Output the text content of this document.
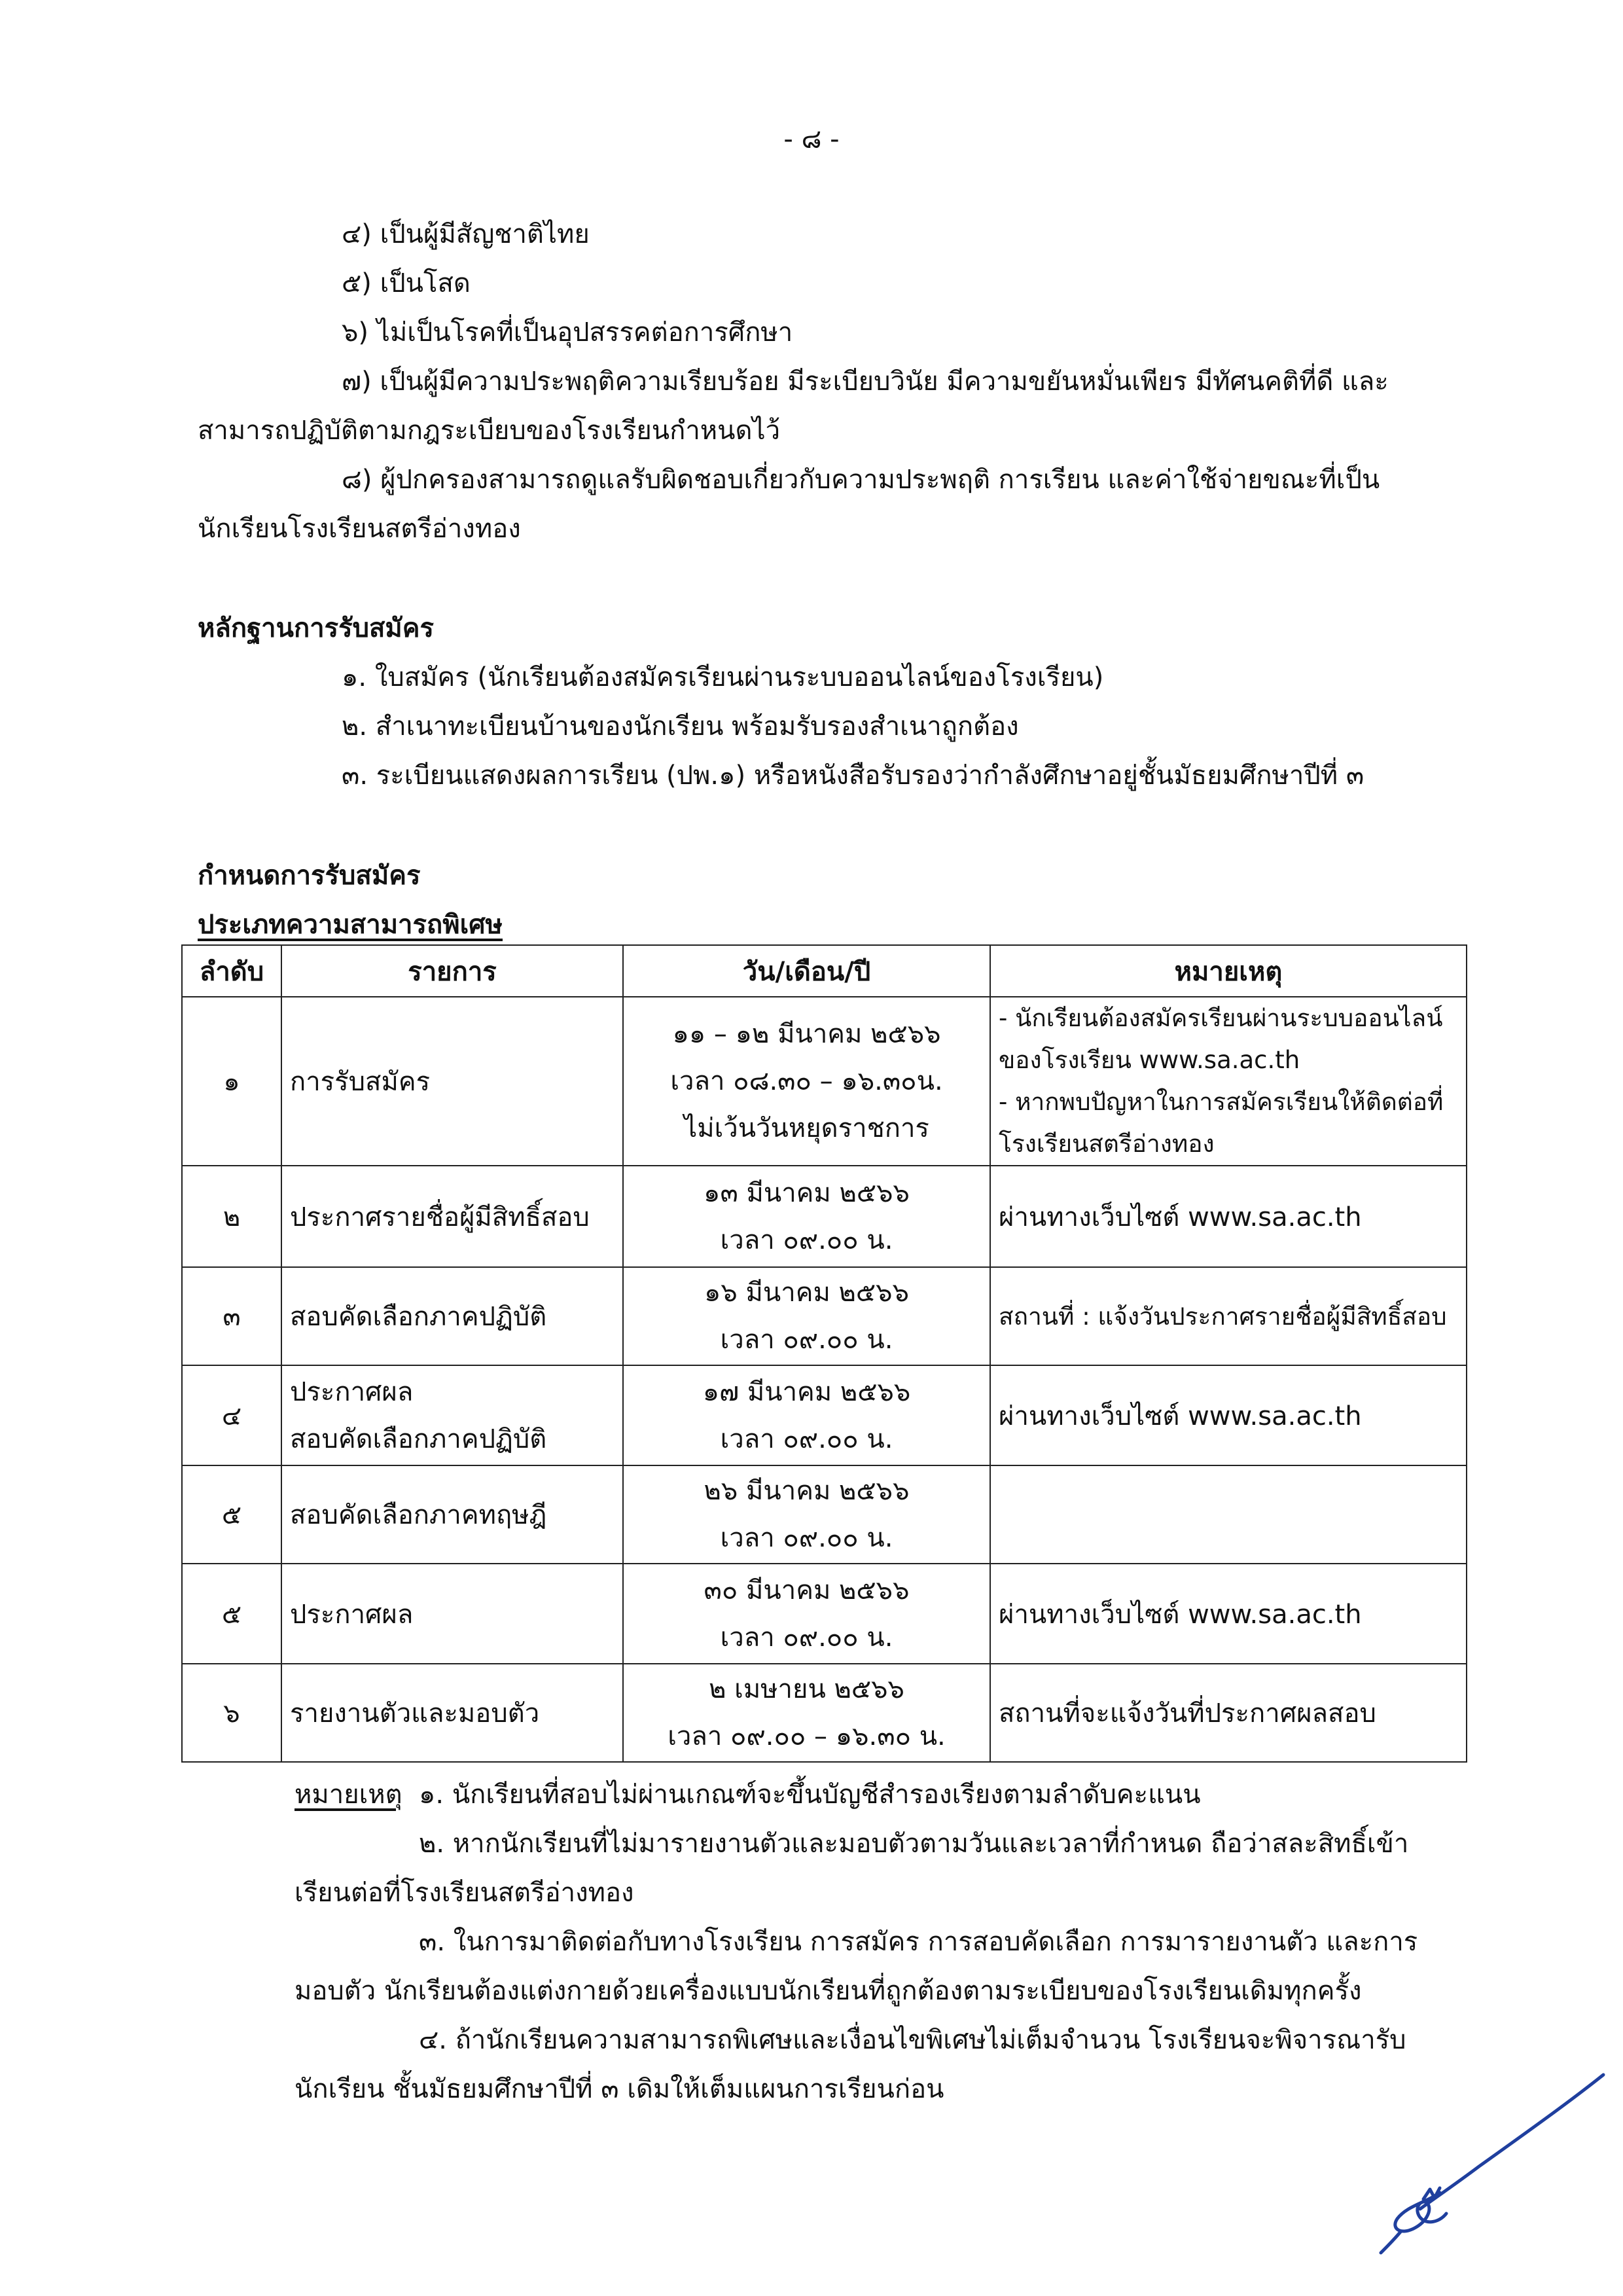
- ๘ -
๔) เป็นผู้มีสัญชาติไทย
๕) เป็นโสด
๖) ไม่เป็นโรคที่เป็นอุปสรรคต่อการศึกษา
๗) เป็นผู้มีความประพฤติความเรียบร้อย มีระเบียบวินัย มีความขยันหมั่นเพียร มีทัศนคติที่ดี และ
สามารถปฏิบัติตามกฎระเบียบของโรงเรียนกำหนดไว้
๘) ผู้ปกครองสามารถดูแลรับผิดชอบเกี่ยวกับความประพฤติ การเรียน และค่าใช้จ่ายขณะที่เป็น
นักเรียนโรงเรียนสตรีอ่างทอง
หลักฐานการรับสมัคร
๑. ใบสมัคร (นักเรียนต้องสมัครเรียนผ่านระบบออนไลน์ของโรงเรียน)
๒. สำเนาทะเบียนบ้านของนักเรียน พร้อมรับรองสำเนาถูกต้อง
๓. ระเบียนแสดงผลการเรียน (ปพ.๑) หรือหนังสือรับรองว่ากำลังศึกษาอยู่ชั้นมัธยมศึกษาปีที่ ๓
กำหนดการรับสมัคร
ประเภทความสามารถพิเศษ
ลำดับ	รายการ	วัน/เดือน/ปี	หมายเหตุ
๑	การรับสมัคร	๑๑ – ๑๒ มีนาคม ๒๕๖๖
เวลา ๐๘.๓๐ – ๑๖.๓๐น.
ไม่เว้นวันหยุดราชการ	- นักเรียนต้องสมัครเรียนผ่านระบบออนไลน์
ของโรงเรียน www.sa.ac.th
- หากพบปัญหาในการสมัครเรียนให้ติดต่อที่
โรงเรียนสตรีอ่างทอง

๒	ประกาศรายชื่อผู้มีสิทธิ์สอบ	๑๓ มีนาคม ๒๕๖๖
เวลา ๐๙.๐๐ น.	ผ่านทางเว็บไซต์ www.sa.ac.th

๓	สอบคัดเลือกภาคปฏิบัติ	๑๖ มีนาคม ๒๕๖๖
เวลา ๐๙.๐๐ น.	สถานที่ : แจ้งวันประกาศรายชื่อผู้มีสิทธิ์สอบ

๔	ประกาศผล
สอบคัดเลือกภาคปฏิบัติ	๑๗ มีนาคม ๒๕๖๖
เวลา ๐๙.๐๐ น.	ผ่านทางเว็บไซต์ www.sa.ac.th

๕	สอบคัดเลือกภาคทฤษฎี	๒๖ มีนาคม ๒๕๖๖
เวลา ๐๙.๐๐ น.	

๕	ประกาศผล	๓๐ มีนาคม ๒๕๖๖
เวลา ๐๙.๐๐ น.	ผ่านทางเว็บไซต์ www.sa.ac.th

๖	รายงานตัวและมอบตัว	๒ เมษายน ๒๕๖๖
เวลา ๐๙.๐๐ – ๑๖.๓๐ น.	สถานที่จะแจ้งวันที่ประกาศผลสอบ
หมายเหตุ ๑. นักเรียนที่สอบไม่ผ่านเกณฑ์จะขึ้นบัญชีสำรองเรียงตามลำดับคะแนน
๒. หากนักเรียนที่ไม่มารายงานตัวและมอบตัวตามวันและเวลาที่กำหนด ถือว่าสละสิทธิ์เข้า
เรียนต่อที่โรงเรียนสตรีอ่างทอง
๓. ในการมาติดต่อกับทางโรงเรียน การสมัคร การสอบคัดเลือก การมารายงานตัว และการ
มอบตัว นักเรียนต้องแต่งกายด้วยเครื่องแบบนักเรียนที่ถูกต้องตามระเบียบของโรงเรียนเดิมทุกครั้ง
๔. ถ้านักเรียนความสามารถพิเศษและเงื่อนไขพิเศษไม่เต็มจำนวน โรงเรียนจะพิจารณารับ
นักเรียน ชั้นมัธยมศึกษาปีที่ ๓ เดิมให้เต็มแผนการเรียนก่อน
